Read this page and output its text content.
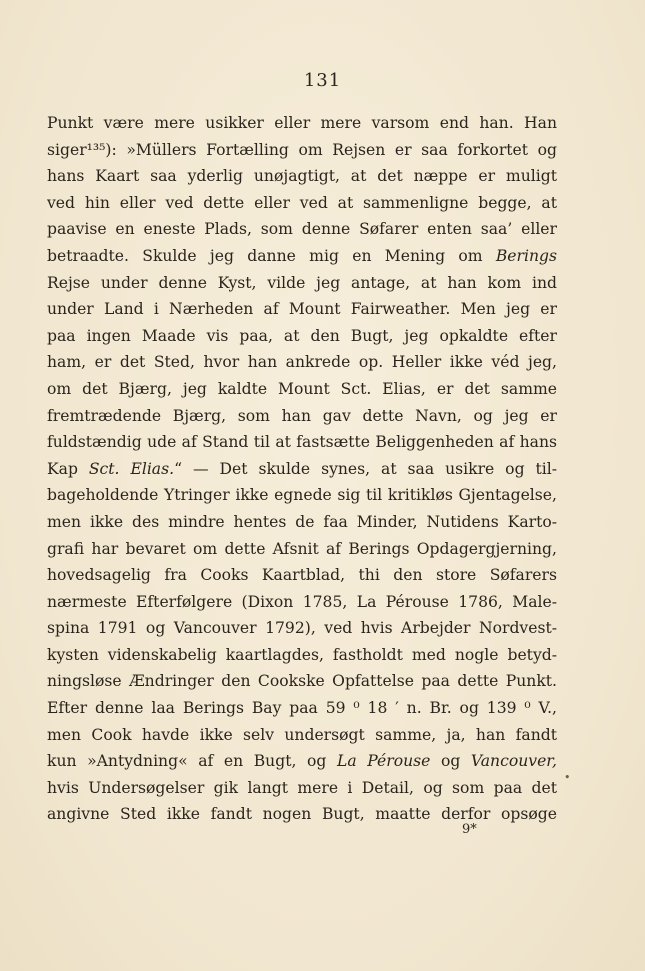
131
Punkt være mere usikker eller mere varsom end han. Han
siger¹³⁵): »Müllers Fortælling om Rejsen er saa forkortet og
hans Kaart saa yderlig unøjagtigt, at det næppe er muligt
ved hin eller ved dette eller ved at sammenligne begge, at
paavise en eneste Plads, som denne Søfarer enten saa’ eller
betraadte. Skulde jeg danne mig en Mening om Berings
Rejse under denne Kyst, vilde jeg antage, at han kom ind
under Land i Nærheden af Mount Fairweather. Men jeg er
paa ingen Maade vis paa, at den Bugt, jeg opkaldte efter
ham, er det Sted, hvor han ankrede op. Heller ikke véd jeg,
om det Bjærg, jeg kaldte Mount Sct. Elias, er det samme
fremtrædende Bjærg, som han gav dette Navn, og jeg er
fuldstændig ude af Stand til at fastsætte Beliggenheden af hans
Kap Sct. Elias.“ — Det skulde synes, at saa usikre og til-
bageholdende Ytringer ikke egnede sig til kritikløs Gjentagelse,
men ikke des mindre hentes de faa Minder, Nutidens Karto-
grafi har bevaret om dette Afsnit af Berings Opdagergjerning,
hovedsagelig fra Cooks Kaartblad, thi den store Søfarers
nærmeste Efterfølgere (Dixon 1785, La Pérouse 1786, Male-
spina 1791 og Vancouver 1792), ved hvis Arbejder Nordvest-
kysten videnskabelig kaartlagdes, fastholdt med nogle betyd-
ningsløse Ændringer den Cookske Opfattelse paa dette Punkt.
Efter denne laa Berings Bay paa 59 ⁰ 18 ′ n. Br. og 139 ⁰ V.,
men Cook havde ikke selv undersøgt samme, ja, han fandt
kun »Antydning« af en Bugt, og La Pérouse og Vancouver,
hvis Undersøgelser gik langt mere i Detail, og som paa det
angivne Sted ikke fandt nogen Bugt, maatte derfor opsøge
•
9*
